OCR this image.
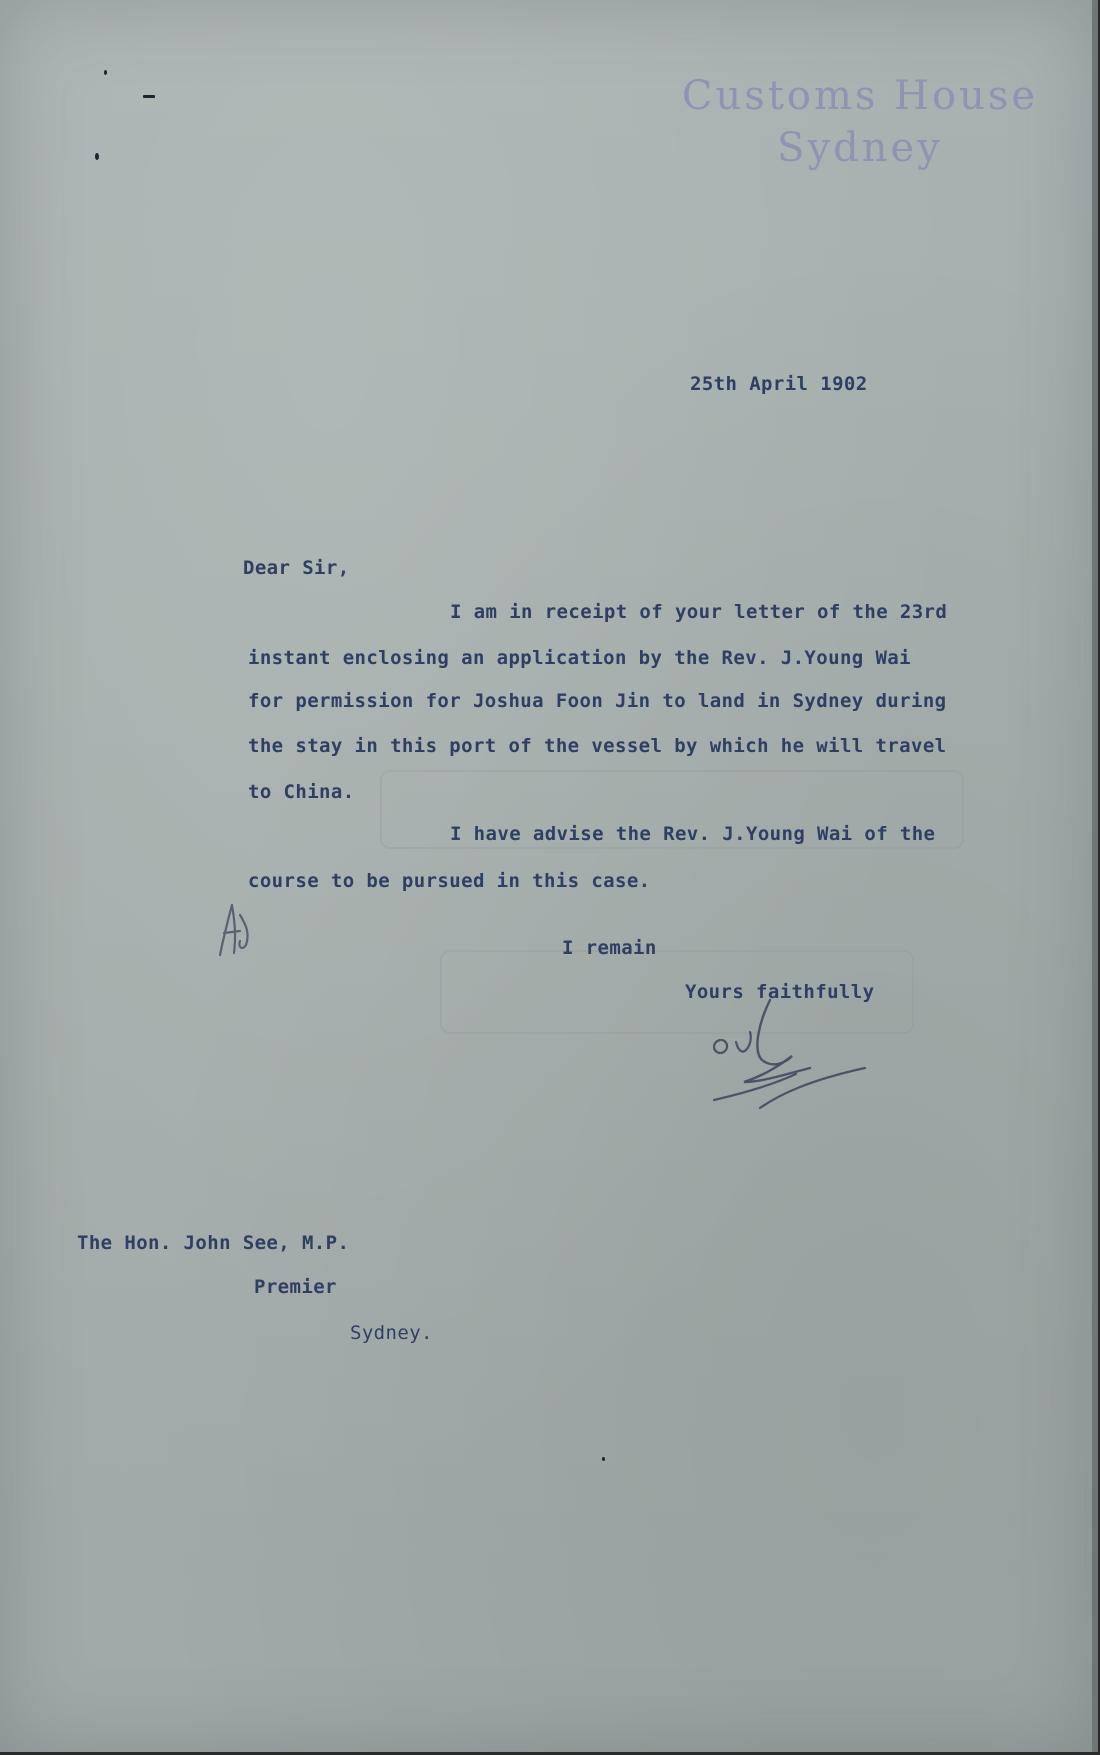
Customs House
Sydney
25th April 1902
Dear Sir,
I am in receipt of your letter of the 23rd
instant enclosing an application by the Rev. J.Young Wai
for permission for Joshua Foon Jin to land in Sydney during
the stay in this port of the vessel by which he will travel
to China.
I have advise the Rev. J.Young Wai of the
course to be pursued in this case.
I remain
Yours faithfully
The Hon. John See, M.P.
Premier
Sydney.
